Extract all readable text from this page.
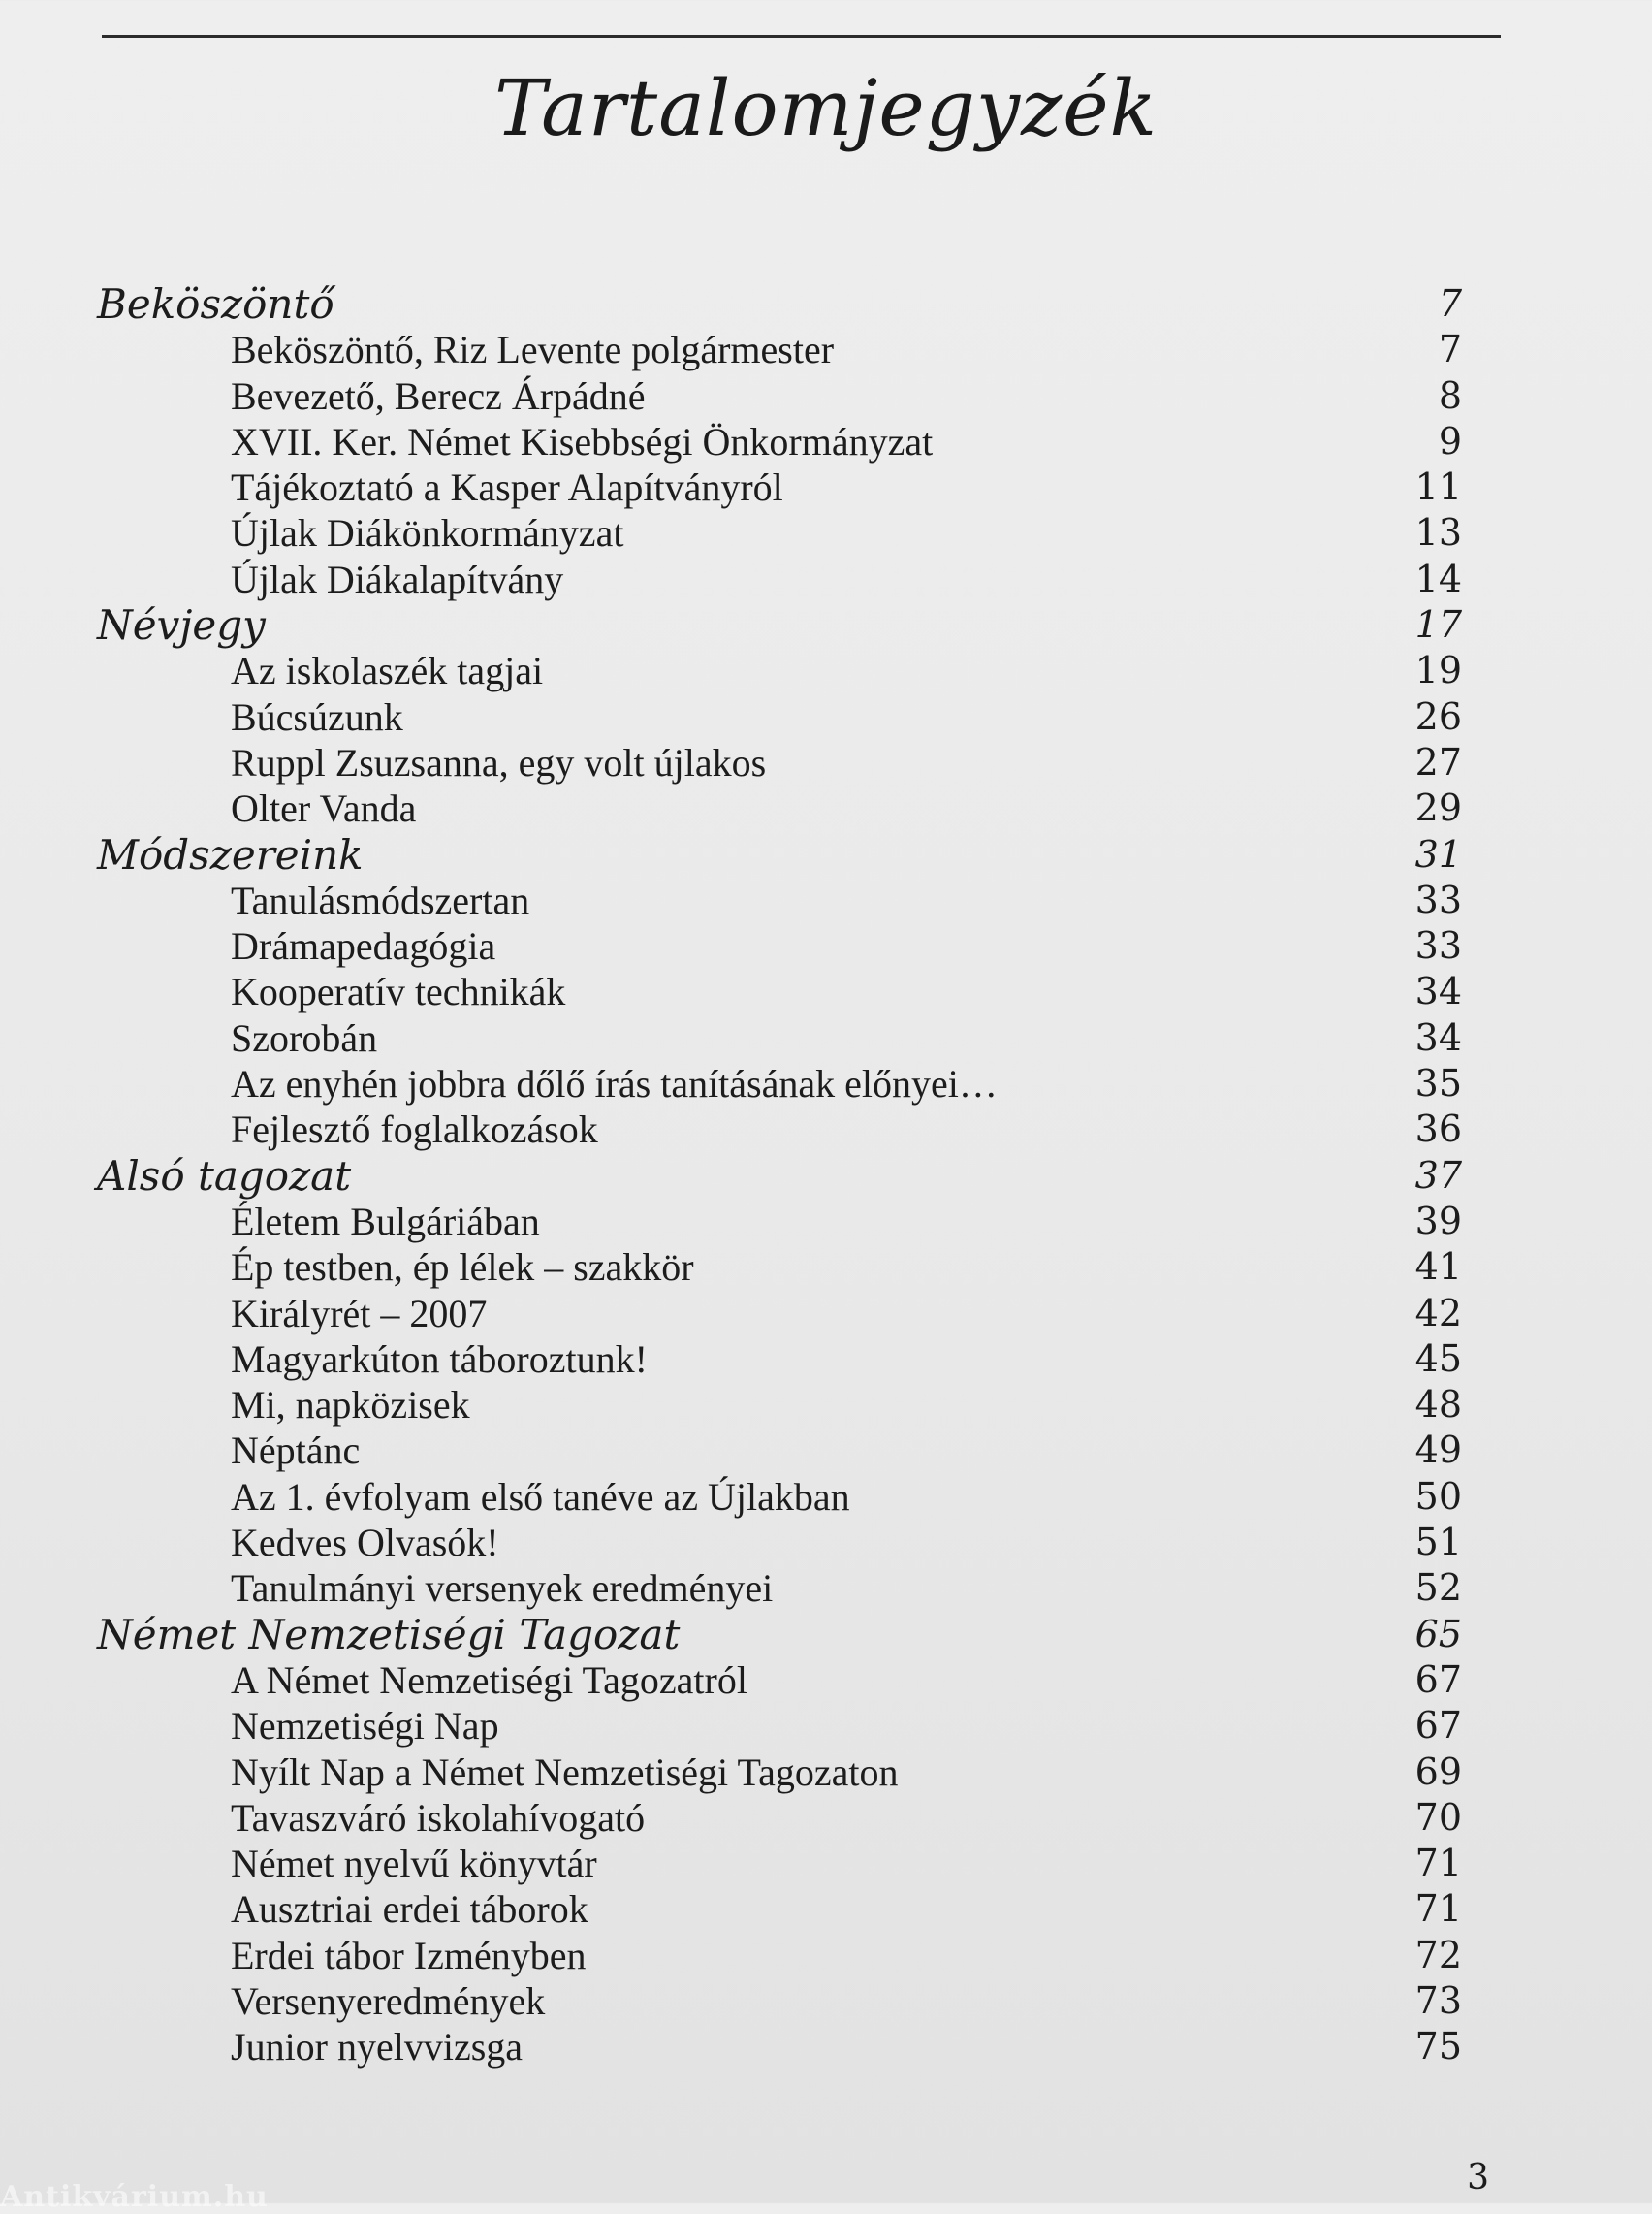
Tartalomjegyzék
Beköszöntő	7
Beköszöntő, Riz Levente polgármester	7
Bevezető, Berecz Árpádné	8
XVII. Ker. Német Kisebbségi Önkormányzat	9
Tájékoztató a Kasper Alapítványról	11
Újlak Diákönkormányzat	13
Újlak Diákalapítvány	14
Névjegy	17
Az iskolaszék tagjai	19
Búcsúzunk	26
Ruppl Zsuzsanna, egy volt újlakos	27
Olter Vanda	29
Módszereink	31
Tanulásmódszertan	33
Drámapedagógia	33
Kooperatív technikák	34
Szorobán	34
Az enyhén jobbra dőlő írás tanításának előnyei…	35
Fejlesztő foglalkozások	36
Alsó tagozat	37
Életem Bulgáriában	39
Ép testben, ép lélek – szakkör	41
Királyrét – 2007	42
Magyarkúton táboroztunk!	45
Mi, napközisek	48
Néptánc	49
Az 1. évfolyam első tanéve az Újlakban	50
Kedves Olvasók!	51
Tanulmányi versenyek eredményei	52
Német Nemzetiségi Tagozat	65
A Német Nemzetiségi Tagozatról	67
Nemzetiségi Nap	67
Nyílt Nap a Német Nemzetiségi Tagozaton	69
Tavaszváró iskolahívogató	70
Német nyelvű könyvtár	71
Ausztriai erdei táborok	71
Erdei tábor Izményben	72
Versenyeredmények	73
Junior nyelvvizsga	75
3
Antikvárium.hu
